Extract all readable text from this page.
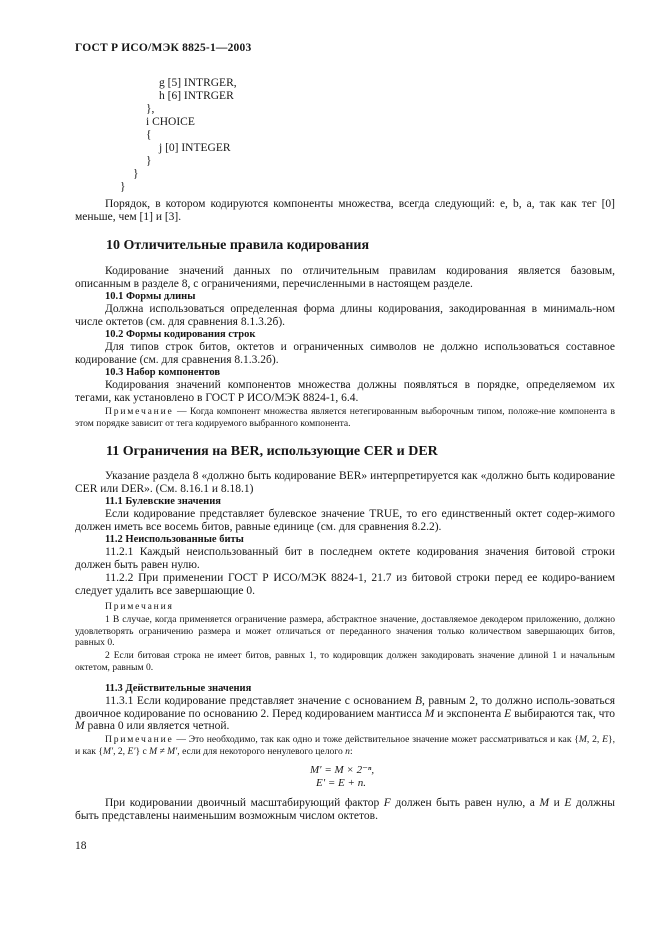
ГОСТ Р ИСО/МЭК 8825-1—2003
g [5] INTRGER,
h [6] INTRGER
},
i CHOICE
{
j [0] INTEGER
}
}
}
Порядок, в котором кодируются компоненты множества, всегда следующий: е, b, а, так как тег [0] меньше, чем [1] и [3].
10 Отличительные правила кодирования
Кодирование значений данных по отличительным правилам кодирования является базовым, описанным в разделе 8, с ограничениями, перечисленными в настоящем разделе.
10.1 Формы длины
Должна использоваться определенная форма длины кодирования, закодированная в минималь-ном числе октетов (см. для сравнения 8.1.3.2б).
10.2 Формы кодирования строк
Для типов строк битов, октетов и ограниченных символов не должно использоваться составное кодирование (см. для сравнения 8.1.3.2б).
10.3 Набор компонентов
Кодирования значений компонентов множества должны появляться в порядке, определяемом их тегами, как установлено в ГОСТ Р ИСО/МЭК 8824-1, 6.4.
Примечание — Когда компонент множества является нетегированным выборочным типом, положе-ние компонента в этом порядке зависит от тега кодируемого выбранного компонента.
11 Ограничения на BER, использующие CER и DER
Указание раздела 8 «должно быть кодирование BER» интерпретируется как «должно быть кодирование CER или DER». (См. 8.16.1 и 8.18.1)
11.1 Булевские значения
Если кодирование представляет булевское значение TRUE, то его единственный октет содер-жимого должен иметь все восемь битов, равные единице (см. для сравнения 8.2.2).
11.2 Неиспользованные биты
11.2.1 Каждый неиспользованный бит в последнем октете кодирования значения битовой строки должен быть равен нулю.
11.2.2 При применении ГОСТ Р ИСО/МЭК 8824-1, 21.7 из битовой строки перед ее кодиро-ванием следует удалить все завершающие 0.
Примечания
1 В случае, когда применяется ограничение размера, абстрактное значение, доставляемое декодером приложению, должно удовлетворять ограничению размера и может отличаться от переданного значения только количеством завершающих битов, равных 0.
2 Если битовая строка не имеет битов, равных 1, то кодировщик должен закодировать значение длиной 1 и начальным октетом, равным 0.
11.3 Действительные значения
11.3.1 Если кодирование представляет значение с основанием B, равным 2, то должно исполь-зоваться двоичное кодирование по основанию 2. Перед кодированием мантисса M и экспонента E выбираются так, что M равна 0 или является четной.
Примечание — Это необходимо, так как одно и тоже действительное значение может рассматриваться и как {M, 2, E}, и как {M′, 2, E′} с M ≠ M′, если для некоторого ненулевого целого n:
M′ = M × 2⁻ⁿ,
E′ = E + n.
При кодировании двоичный масштабирующий фактор F должен быть равен нулю, а M и E должны быть представлены наименьшим возможным числом октетов.
18
